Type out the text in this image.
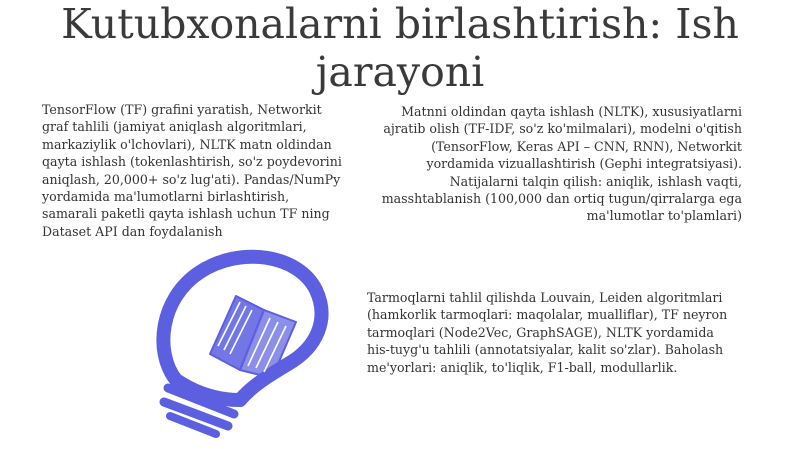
Kutubxonalarni birlashtirish: Ish jarayoni
TensorFlow (TF) grafini yaratish, Networkit graf tahlili (jamiyat aniqlash algoritmlari, markaziylik o'lchovlari), NLTK matn oldindan qayta ishlash (tokenlashtirish, so'z poydevorini aniqlash, 20,000+ so'z lug'ati). Pandas/NumPy yordamida ma'lumotlarni birlashtirish, samarali paketli qayta ishlash uchun TF ning Dataset API dan foydalanish
Matnni oldindan qayta ishlash (NLTK), xususiyatlarni ajratib olish (TF-IDF, so'z ko'milmalari), modelni o'qitish (TensorFlow, Keras API – CNN, RNN), Networkit yordamida vizuallashtirish (Gephi integratsiyasi). Natijalarni talqin qilish: aniqlik, ishlash vaqti, masshtablanish (100,000 dan ortiq tugun/qirralarga ega ma'lumotlar to'plamlari)
Tarmoqlarni tahlil qilishda Louvain, Leiden algoritmlari (hamkorlik tarmoqlari: maqolalar, mualliflar), TF neyron tarmoqlari (Node2Vec, GraphSAGE), NLTK yordamida his-tuyg'u tahlili (annotatsiyalar, kalit so'zlar). Baholash me'yorlari: aniqlik, to'liqlik, F1-ball, modullarlik.
